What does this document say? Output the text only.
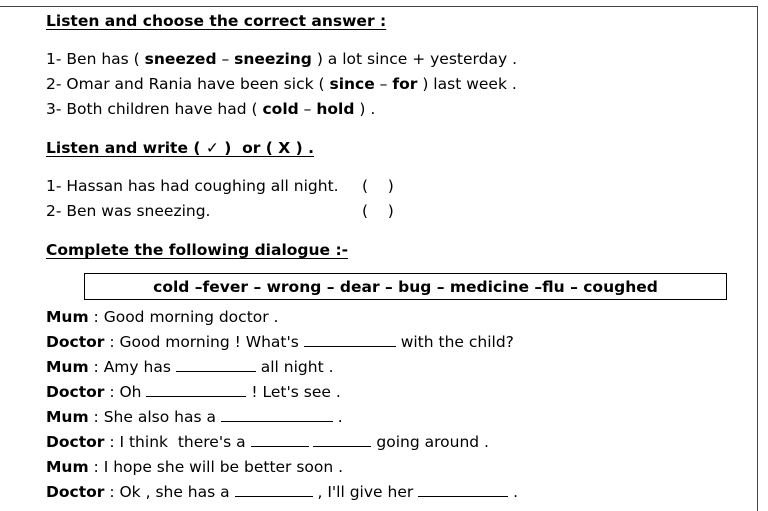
Listen and choose the correct answer :
1- Ben has ( sneezed – sneezing ) a lot since + yesterday .
2- Omar and Rania have been sick ( since – for ) last week .
3- Both children have had ( cold – hold ) .
Listen and write ( ✓ )  or ( X ) .
1- Hassan has had coughing all night. (    )
2- Ben was sneezing.	(    )
Complete the following dialogue :-
cold –fever – wrong – dear – bug – medicine –flu – coughed
Mum : Good morning doctor .
Doctor : Good morning ! What's	with the child?
Mum : Amy has	all night .
Doctor : Oh	! Let's see .
Mum : She also has a	.
Doctor : I think  there's a	going around .
Mum : I hope she will be better soon .
Doctor : Ok , she has a	, I'll give her	.
